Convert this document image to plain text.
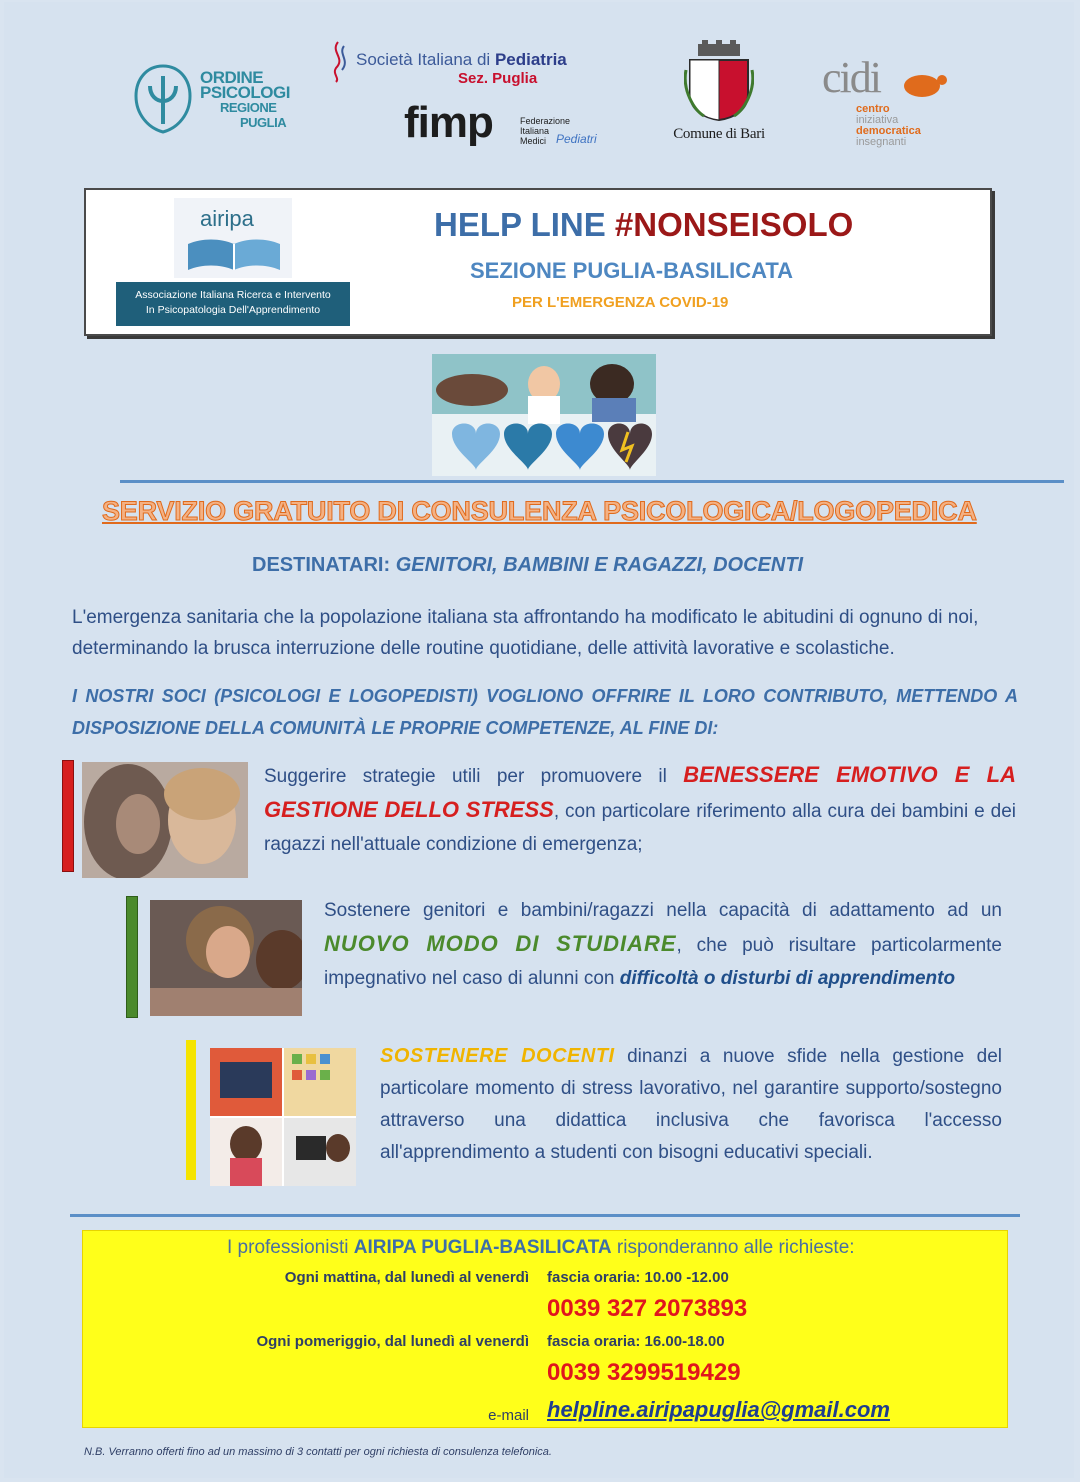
ORDINE
PSICOLOGI
REGIONE
PUGLIA
Società Italiana di Pediatria
Sez. Puglia
fimp	Federazione
Italiana
Medici Pediatri	Comune di Bari
cidi
centro
iniziativa
democratica
insegnanti
airipa
Associazione Italiana Ricerca e Intervento
In Psicopatologia Dell'Apprendimento
HELP LINE #NONSEISOLO
SEZIONE PUGLIA-BASILICATA
PER L'EMERGENZA COVID-19
SERVIZIO GRATUITO DI CONSULENZA PSICOLOGICA/LOGOPEDICA
DESTINATARI: GENITORI, BAMBINI E RAGAZZI, DOCENTI
L'emergenza sanitaria che la popolazione italiana sta affrontando ha modificato le abitudini di ognuno di noi, determinando la brusca interruzione delle routine quotidiane, delle attività lavorative e scolastiche.
I NOSTRI SOCI (PSICOLOGI E LOGOPEDISTI) VOGLIONO OFFRIRE IL LORO CONTRIBUTO, METTENDO A DISPOSIZIONE DELLA COMUNITÀ LE PROPRIE COMPETENZE, AL FINE DI:
Suggerire strategie utili per promuovere il BENESSERE EMOTIVO E LA GESTIONE DELLO STRESS, con particolare riferimento alla cura dei bambini e dei ragazzi nell'attuale condizione di emergenza;
Sostenere genitori e bambini/ragazzi nella capacità di adattamento ad un NUOVO MODO DI STUDIARE, che può risultare particolarmente impegnativo nel caso di alunni con difficoltà o disturbi di apprendimento
SOSTENERE DOCENTI dinanzi a nuove sfide nella gestione del particolare momento di stress lavorativo, nel garantire supporto/sostegno attraverso una didattica inclusiva che favorisca l'accesso all'apprendimento a studenti con bisogni educativi speciali.
I professionisti AIRIPA PUGLIA-BASILICATA risponderanno alle richieste:
Ogni mattina, dal lunedì al venerdì fascia oraria: 10.00 -12.00
0039 327 2073893
Ogni pomeriggio, dal lunedì al venerdì fascia oraria: 16.00-18.00
0039 3299519429
e-mail helpline.airipapuglia@gmail.com
N.B. Verranno offerti fino ad un massimo di 3 contatti per ogni richiesta di consulenza telefonica.
